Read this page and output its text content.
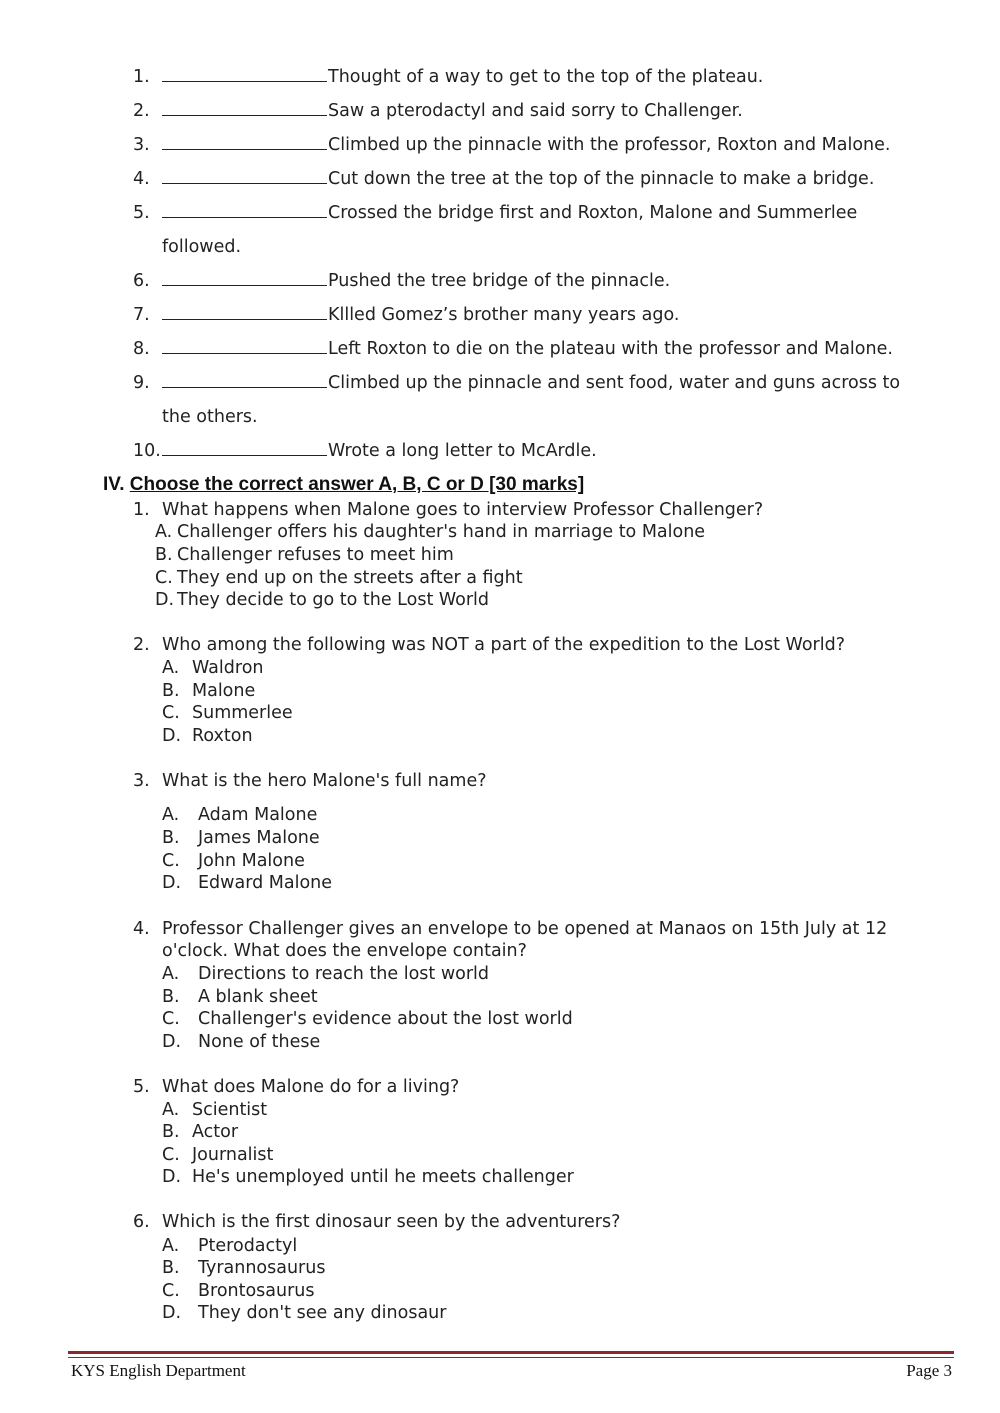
1.	Thought of a way to get to the top of the plateau.
2.	Saw a pterodactyl and said sorry to Challenger.
3.	Climbed up the pinnacle with the professor, Roxton and Malone.
4.	Cut down the tree at the top of the pinnacle to make a bridge.
5.	Crossed the bridge first and Roxton, Malone and Summerlee
followed.
6.	Pushed the tree bridge of the pinnacle.
7.	Kllled Gomez’s brother many years ago.
8.	Left Roxton to die on the plateau with the professor and Malone.
9.	Climbed up the pinnacle and sent food, water and guns across to
the others.
10.	Wrote a long letter to McArdle.
IV. Choose the correct answer A, B, C or D [30 marks]
1. What happens when Malone goes to interview Professor Challenger?
A. Challenger offers his daughter's hand in marriage to Malone
B. Challenger refuses to meet him
C. They end up on the streets after a fight
D. They decide to go to the Lost World
2. Who among the following was NOT a part of the expedition to the Lost World?
A. Waldron
B. Malone
C. Summerlee
D. Roxton
3. What is the hero Malone's full name?
A. Adam Malone
B. James Malone
C. John Malone
D. Edward Malone
4. Professor Challenger gives an envelope to be opened at Manaos on 15th July at 12
o'clock. What does the envelope contain?
A. Directions to reach the lost world
B. A blank sheet
C. Challenger's evidence about the lost world
D. None of these
5. What does Malone do for a living?
A. Scientist
B. Actor
C. Journalist
D. He's unemployed until he meets challenger
6. Which is the first dinosaur seen by the adventurers?
A. Pterodactyl
B. Tyrannosaurus
C. Brontosaurus
D. They don't see any dinosaur
KYS English Department	Page 3
